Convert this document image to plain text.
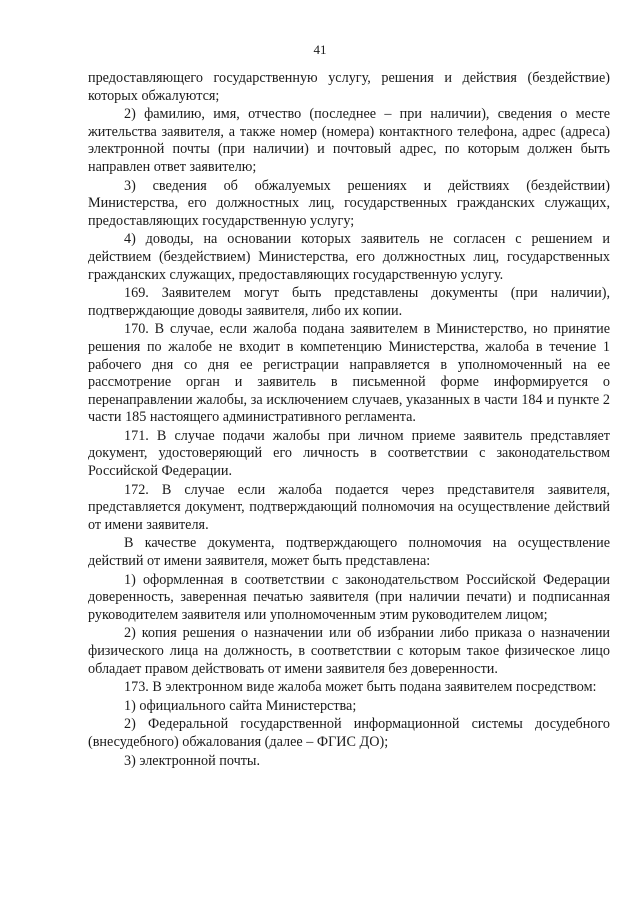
41

предоставляющего государственную услугу, решения и действия (бездействие) которых обжалуются;

2) фамилию, имя, отчество (последнее – при наличии), сведения о месте жительства заявителя, а также номер (номера) контактного телефона, адрес (адреса) электронной почты (при наличии) и почтовый адрес, по которым должен быть направлен ответ заявителю;

3) сведения об обжалуемых решениях и действиях (бездействии) Министерства, его должностных лиц, государственных гражданских служащих, предоставляющих государственную услугу;

4) доводы, на основании которых заявитель не согласен с решением и действием (бездействием) Министерства, его должностных лиц, государственных гражданских служащих, предоставляющих государственную услугу.

169. Заявителем могут быть представлены документы (при наличии), подтверждающие доводы заявителя, либо их копии.

170. В случае, если жалоба подана заявителем в Министерство, но принятие решения по жалобе не входит в компетенцию Министерства, жалоба в течение 1 рабочего дня со дня ее регистрации направляется в уполномоченный на ее рассмотрение орган и заявитель в письменной форме информируется о перенаправлении жалобы, за исключением случаев, указанных в части 184 и пункте 2 части 185 настоящего административного регламента.

171. В случае подачи жалобы при личном приеме заявитель представляет документ, удостоверяющий его личность в соответствии с законодательством Российской Федерации.

172. В случае если жалоба подается через представителя заявителя, представляется документ, подтверждающий полномочия на осуществление действий от имени заявителя.

В качестве документа, подтверждающего полномочия на осуществление действий от имени заявителя, может быть представлена:

1) оформленная в соответствии с законодательством Российской Федерации доверенность, заверенная печатью заявителя (при наличии печати) и подписанная руководителем заявителя или уполномоченным этим руководителем лицом;

2) копия решения о назначении или об избрании либо приказа о назначении физического лица на должность, в соответствии с которым такое физическое лицо обладает правом действовать от имени заявителя без доверенности.

173. В электронном виде жалоба может быть подана заявителем посредством:

1) официального сайта Министерства;

2) Федеральной государственной информационной системы досудебного (внесудебного) обжалования (далее – ФГИС ДО);

3) электронной почты.
